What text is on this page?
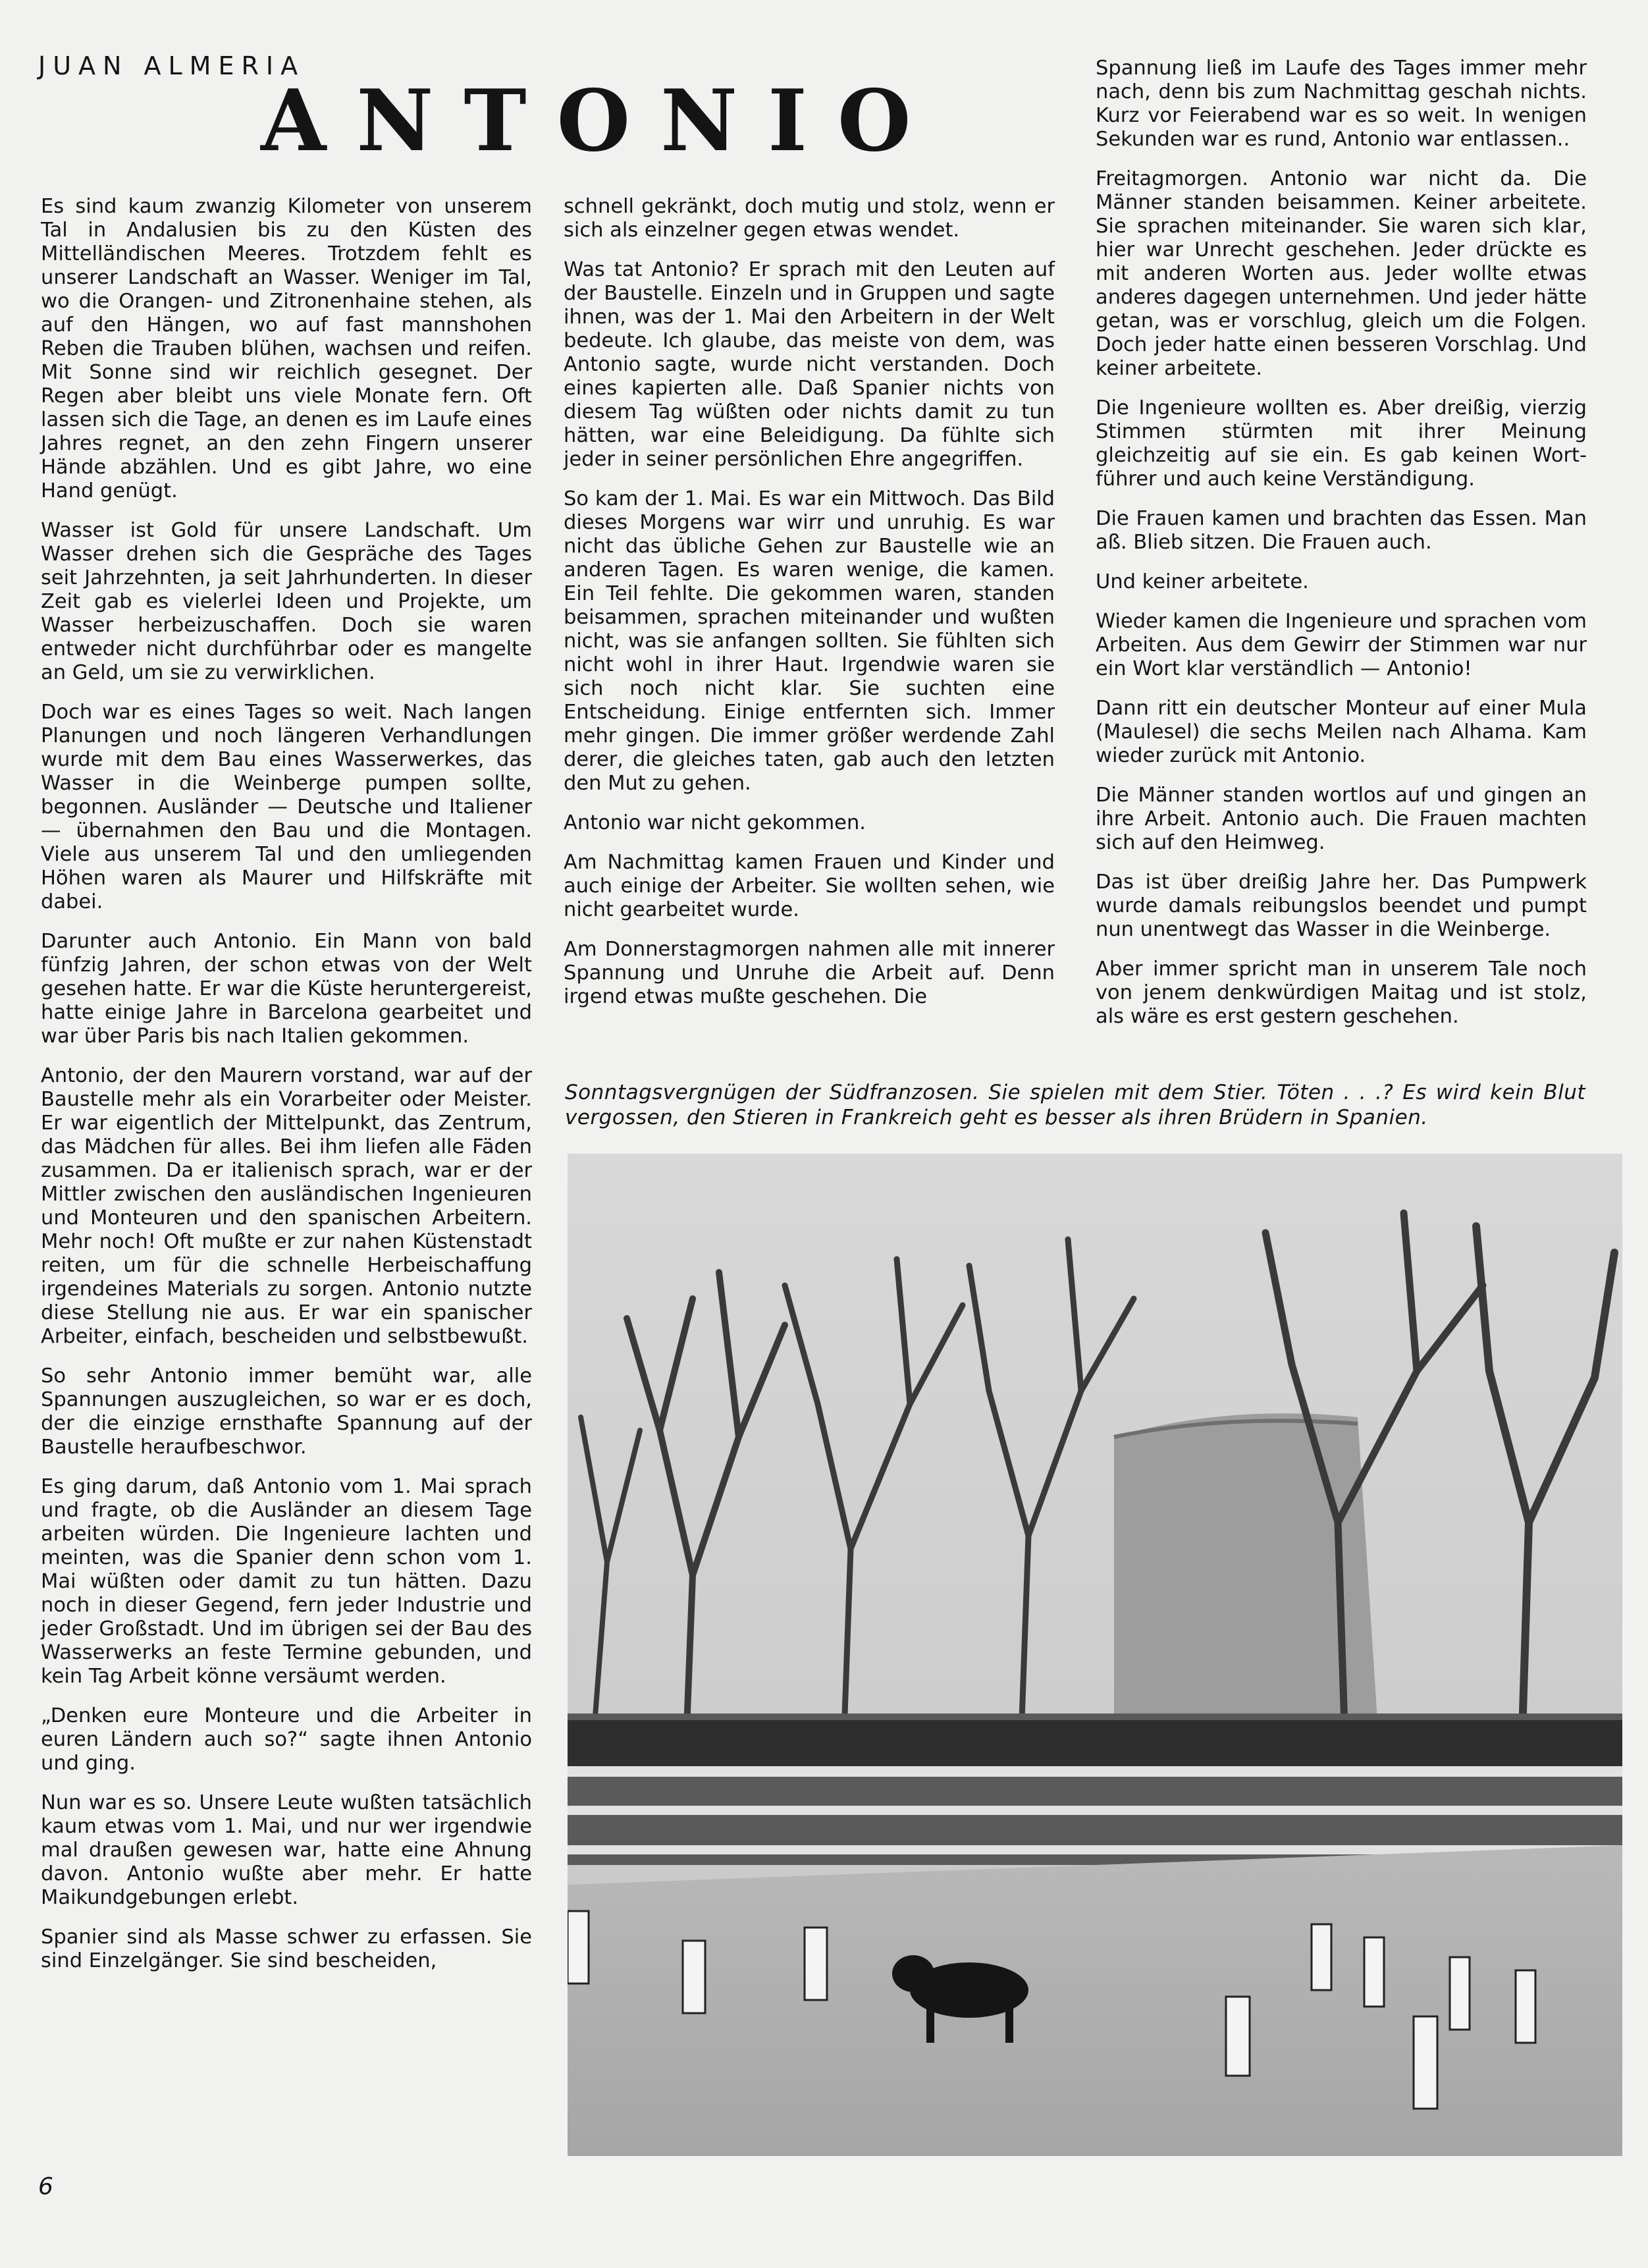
JUAN ALMERIA
ANTONIO

Es sind kaum zwanzig Kilometer von unserem Tal in Andalusien bis zu den Küsten des Mittelländischen Meeres. Trotzdem fehlt es unserer Landschaft an Wasser. Weniger im Tal, wo die Orangen- und Zitronenhaine stehen, als auf den Hängen, wo auf fast mannshohen Reben die Trauben blühen, wachsen und reifen. Mit Sonne sind wir reichlich gesegnet. Der Regen aber bleibt uns viele Monate fern. Oft lassen sich die Tage, an denen es im Laufe eines Jahres regnet, an den zehn Fingern unserer Hände abzählen. Und es gibt Jahre, wo eine Hand genügt.

Wasser ist Gold für unsere Landschaft. Um Wasser drehen sich die Gespräche des Tages seit Jahrzehnten, ja seit Jahrhunderten. In dieser Zeit gab es vielerlei Ideen und Projekte, um Wasser herbeizuschaffen. Doch sie waren entweder nicht durchführbar oder es mangelte an Geld, um sie zu verwirklichen.

Doch war es eines Tages so weit. Nach langen Planungen und noch längeren Verhandlungen wurde mit dem Bau eines Wasserwerkes, das Wasser in die Weinberge pumpen sollte, begonnen. Ausländer — Deutsche und Italiener — übernahmen den Bau und die Montagen. Viele aus unserem Tal und den umliegenden Höhen waren als Maurer und Hilfskräfte mit dabei.

Darunter auch Antonio. Ein Mann von bald fünfzig Jahren, der schon etwas von der Welt gesehen hatte. Er war die Küste heruntergereist, hatte einige Jahre in Barcelona gearbeitet und war über Paris bis nach Italien gekommen.

Antonio, der den Maurern vorstand, war auf der Baustelle mehr als ein Vorarbeiter oder Meister. Er war eigentlich der Mittelpunkt, das Zentrum, das Mädchen für alles. Bei ihm liefen alle Fäden zusammen. Da er italienisch sprach, war er der Mittler zwischen den ausländischen Ingenieuren und Monteuren und den spanischen Arbeitern. Mehr noch! Oft mußte er zur nahen Küstenstadt reiten, um für die schnelle Herbeischaffung irgendeines Materials zu sorgen. Antonio nutzte diese Stellung nie aus. Er war ein spanischer Arbeiter, einfach, bescheiden und selbstbewußt.

So sehr Antonio immer bemüht war, alle Spannungen auszugleichen, so war er es doch, der die einzige ernsthafte Spannung auf der Baustelle heraufbeschwor.

Es ging darum, daß Antonio vom 1. Mai sprach und fragte, ob die Ausländer an diesem Tage arbeiten würden. Die Ingenieure lachten und meinten, was die Spanier denn schon vom 1. Mai wüßten oder damit zu tun hätten. Dazu noch in dieser Gegend, fern jeder Industrie und jeder Großstadt. Und im übrigen sei der Bau des Wasserwerks an feste Termine gebunden, und kein Tag Arbeit könne versäumt werden.

„Denken eure Monteure und die Arbeiter in euren Ländern auch so?“ sagte ihnen Antonio und ging.

Nun war es so. Unsere Leute wußten tatsächlich kaum etwas vom 1. Mai, und nur wer irgendwie mal draußen gewesen war, hatte eine Ahnung davon. Antonio wußte aber mehr. Er hatte Maikundgebungen erlebt.

Spanier sind als Masse schwer zu erfassen. Sie sind Einzelgänger. Sie sind bescheiden,

schnell gekränkt, doch mutig und stolz, wenn er sich als einzelner gegen etwas wendet.

Was tat Antonio? Er sprach mit den Leuten auf der Baustelle. Einzeln und in Gruppen und sagte ihnen, was der 1. Mai den Arbeitern in der Welt bedeute. Ich glaube, das meiste von dem, was Antonio sagte, wurde nicht verstanden. Doch eines kapierten alle. Daß Spanier nichts von diesem Tag wüßten oder nichts damit zu tun hätten, war eine Beleidigung. Da fühlte sich jeder in seiner persönlichen Ehre angegriffen.

So kam der 1. Mai. Es war ein Mittwoch. Das Bild dieses Morgens war wirr und unruhig. Es war nicht das übliche Gehen zur Baustelle wie an anderen Tagen. Es waren wenige, die kamen. Ein Teil fehlte. Die gekommen waren, standen beisammen, sprachen miteinander und wußten nicht, was sie anfangen sollten. Sie fühlten sich nicht wohl in ihrer Haut. Irgendwie waren sie sich noch nicht klar. Sie suchten eine Entscheidung. Einige entfernten sich. Immer mehr gingen. Die immer größer werdende Zahl derer, die gleiches taten, gab auch den letzten den Mut zu gehen.

Antonio war nicht gekommen.

Am Nachmittag kamen Frauen und Kinder und auch einige der Arbeiter. Sie wollten sehen, wie nicht gearbeitet wurde.

Am Donnerstagmorgen nahmen alle mit innerer Spannung und Unruhe die Arbeit auf. Denn irgend etwas mußte geschehen. Die

Spannung ließ im Laufe des Tages immer mehr nach, denn bis zum Nachmittag geschah nichts. Kurz vor Feierabend war es so weit. In wenigen Sekunden war es rund, Antonio war entlassen..

Freitagmorgen. Antonio war nicht da. Die Männer standen beisammen. Keiner arbeitete. Sie sprachen miteinander. Sie waren sich klar, hier war Unrecht geschehen. Jeder drückte es mit anderen Worten aus. Jeder wollte etwas anderes dagegen unternehmen. Und jeder hätte getan, was er vorschlug, gleich um die Folgen. Doch jeder hatte einen besseren Vorschlag. Und keiner arbeitete.

Die Ingenieure wollten es. Aber dreißig, vierzig Stimmen stürmten mit ihrer Meinung gleichzeitig auf sie ein. Es gab keinen Wortführer und auch keine Verständigung.

Die Frauen kamen und brachten das Essen. Man aß. Blieb sitzen. Die Frauen auch.

Und keiner arbeitete.

Wieder kamen die Ingenieure und sprachen vom Arbeiten. Aus dem Gewirr der Stimmen war nur ein Wort klar verständlich — Antonio!

Dann ritt ein deutscher Monteur auf einer Mula (Maulesel) die sechs Meilen nach Alhama. Kam wieder zurück mit Antonio.

Die Männer standen wortlos auf und gingen an ihre Arbeit. Antonio auch. Die Frauen machten sich auf den Heimweg.

Das ist über dreißig Jahre her. Das Pumpwerk wurde damals reibungslos beendet und pumpt nun unentwegt das Wasser in die Weinberge.

Aber immer spricht man in unserem Tale noch von jenem denkwürdigen Maitag und ist stolz, als wäre es erst gestern geschehen.

Sonntagsvergnügen der Südfranzosen. Sie spielen mit dem Stier. Töten . . .? Es wird kein Blut vergossen, den Stieren in Frankreich geht es besser als ihren Brüdern in Spanien.
6
